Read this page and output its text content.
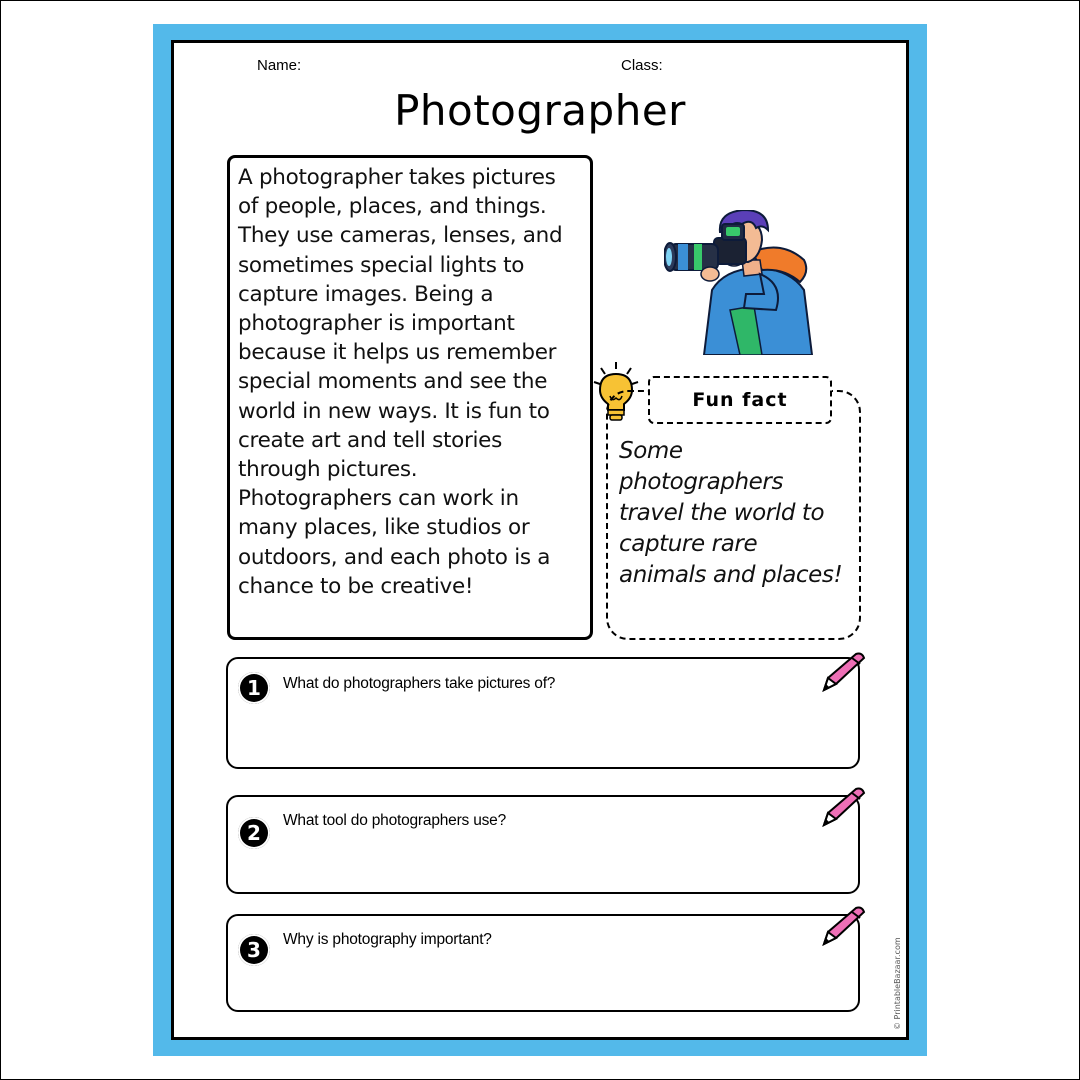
Name:	Class:
Photographer
A photographer takes pictures
of people, places, and things.
They use cameras, lenses, and
sometimes special lights to
capture images. Being a
photographer is important
because it helps us remember
special moments and see the
world in new ways. It is fun to
create art and tell stories
through pictures.
Photographers can work in
many places, like studios or
outdoors, and each photo is a
chance to be creative!
Fun fact
Some
photographers
travel the world to
capture rare
animals and places!
1	What do photographers take pictures of?
2
What tool do photographers use?
3	Why is photography important?	© PrintableBazaar.com
